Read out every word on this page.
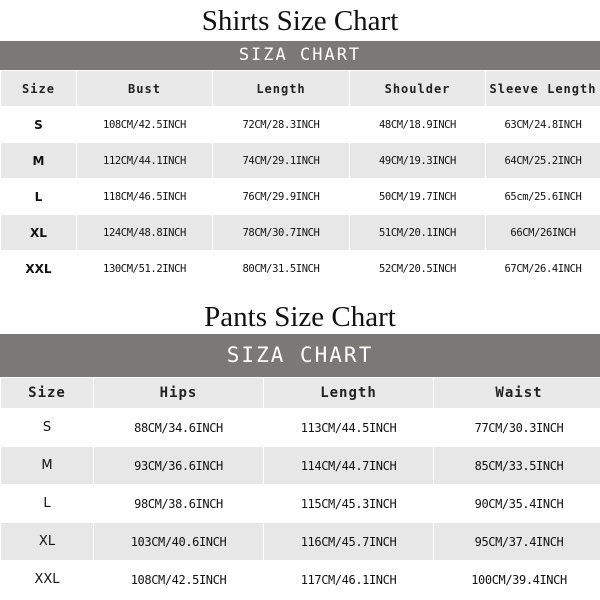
Shirts Size Chart
SIZA CHART
Size	Bust	Length	Shoulder	Sleeve Length
S	108CM/42.5INCH	72CM/28.3INCH	48CM/18.9INCH	63CM/24.8INCH
M	112CM/44.1INCH	74CM/29.1INCH	49CM/19.3INCH	64CM/25.2INCH
L	118CM/46.5INCH	76CM/29.9INCH	50CM/19.7INCH	65cm/25.6INCH
XL	124CM/48.8INCH	78CM/30.7INCH	51CM/20.1INCH	66CM/26INCH
XXL	130CM/51.2INCH	80CM/31.5INCH	52CM/20.5INCH	67CM/26.4INCH
Pants Size Chart
SIZA CHART
Size	Hips	Length	Waist
S	88CM/34.6INCH	113CM/44.5INCH	77CM/30.3INCH
M	93CM/36.6INCH	114CM/44.7INCH	85CM/33.5INCH
L	98CM/38.6INCH	115CM/45.3INCH	90CM/35.4INCH
XL	103CM/40.6INCH	116CM/45.7INCH	95CM/37.4INCH
XXL	108CM/42.5INCH	117CM/46.1INCH	100CM/39.4INCH
